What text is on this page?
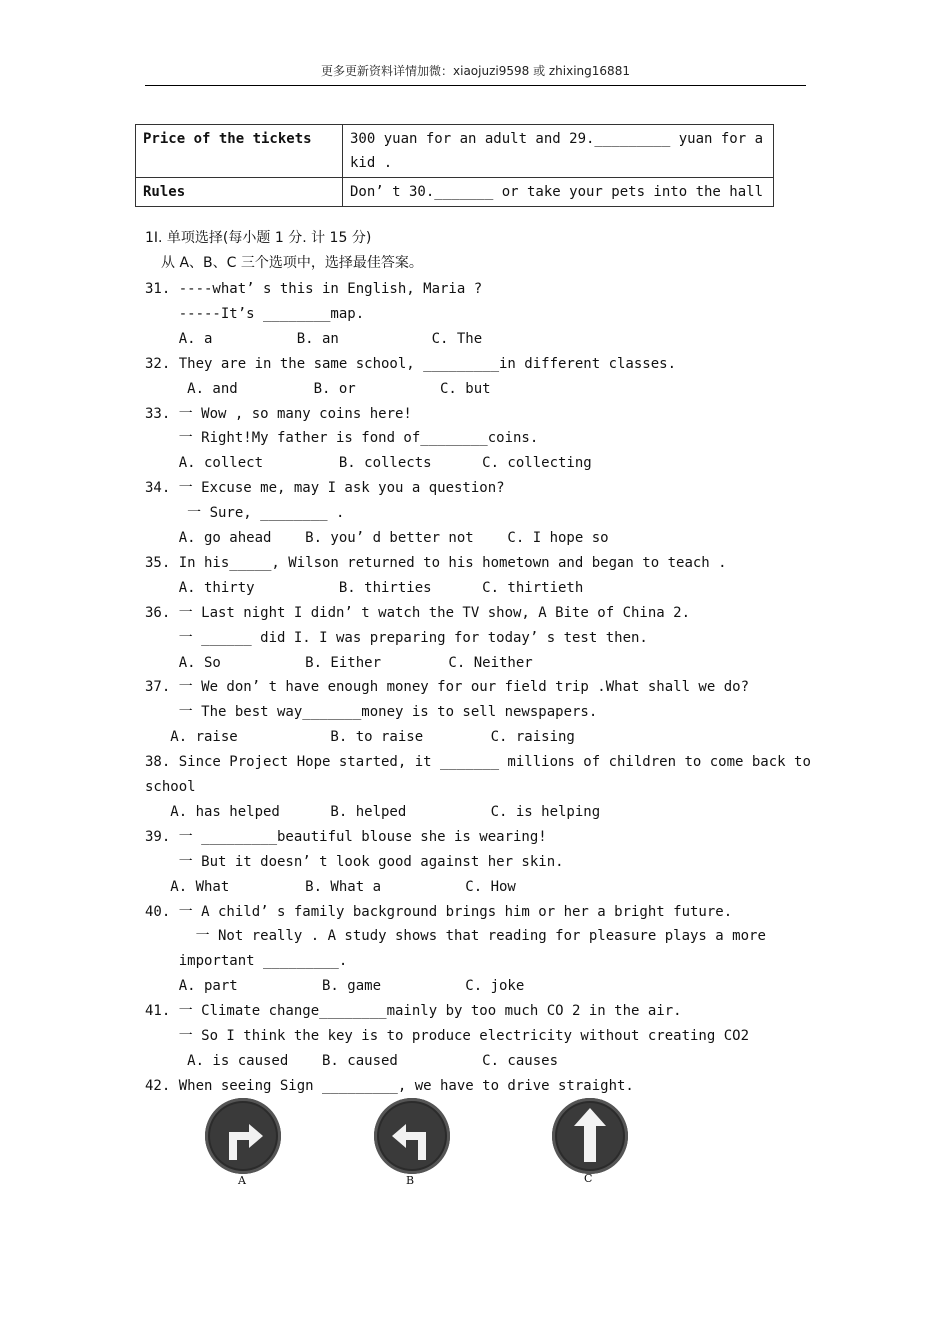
更多更新资料详情加微：xiaojuzi9598 或 zhixing16881
Price of the tickets	300 yuan for an adult and 29._________ yuan for a kid .
Rules	Don’ t 30._______ or take your pets into the hall
1I. 单项选择(每小题 1 分. 计 15 分)
从 A、B、C 三个选项中，选择最佳答案。
31. ----what’ s this in English, Maria ?
-----It’s ________map.
A. a          B. an           C. The
32. They are in the same school, _________in different classes.
A. and         B. or          C. but
33. 一 Wow , so many coins here!
一 Right!My father is fond of________coins.
A. collect         B. collects      C. collecting
34. 一 Excuse me, may I ask you a question?
一 Sure, ________ .
A. go ahead    B. you’ d better not    C. I hope so
35. In his_____, Wilson returned to his hometown and began to teach .
A. thirty          B. thirties      C. thirtieth
36. 一 Last night I didn’ t watch the TV show, A Bite of China 2.
一 ______ did I. I was preparing for today’ s test then.
A. So          B. Either        C. Neither
37. 一 We don’ t have enough money for our field trip .What shall we do?
一 The best way_______money is to sell newspapers.
A. raise           B. to raise        C. raising
38. Since Project Hope started, it _______ millions of children to come back to
school
A. has helped      B. helped          C. is helping
39. 一 _________beautiful blouse she is wearing!
一 But it doesn’ t look good against her skin.
A. What         B. What a          C. How
40. 一 A child’ s family background brings him or her a bright future.
一 Not really . A study shows that reading for pleasure plays a more
important _________.
A. part          B. game          C. joke
41. 一 Climate change________mainly by too much CO 2 in the air.
一 So I think the key is to produce electricity without creating CO2
A. is caused    B. caused          C. causes
42. When seeing Sign _________, we have to drive straight.
A	B	C
